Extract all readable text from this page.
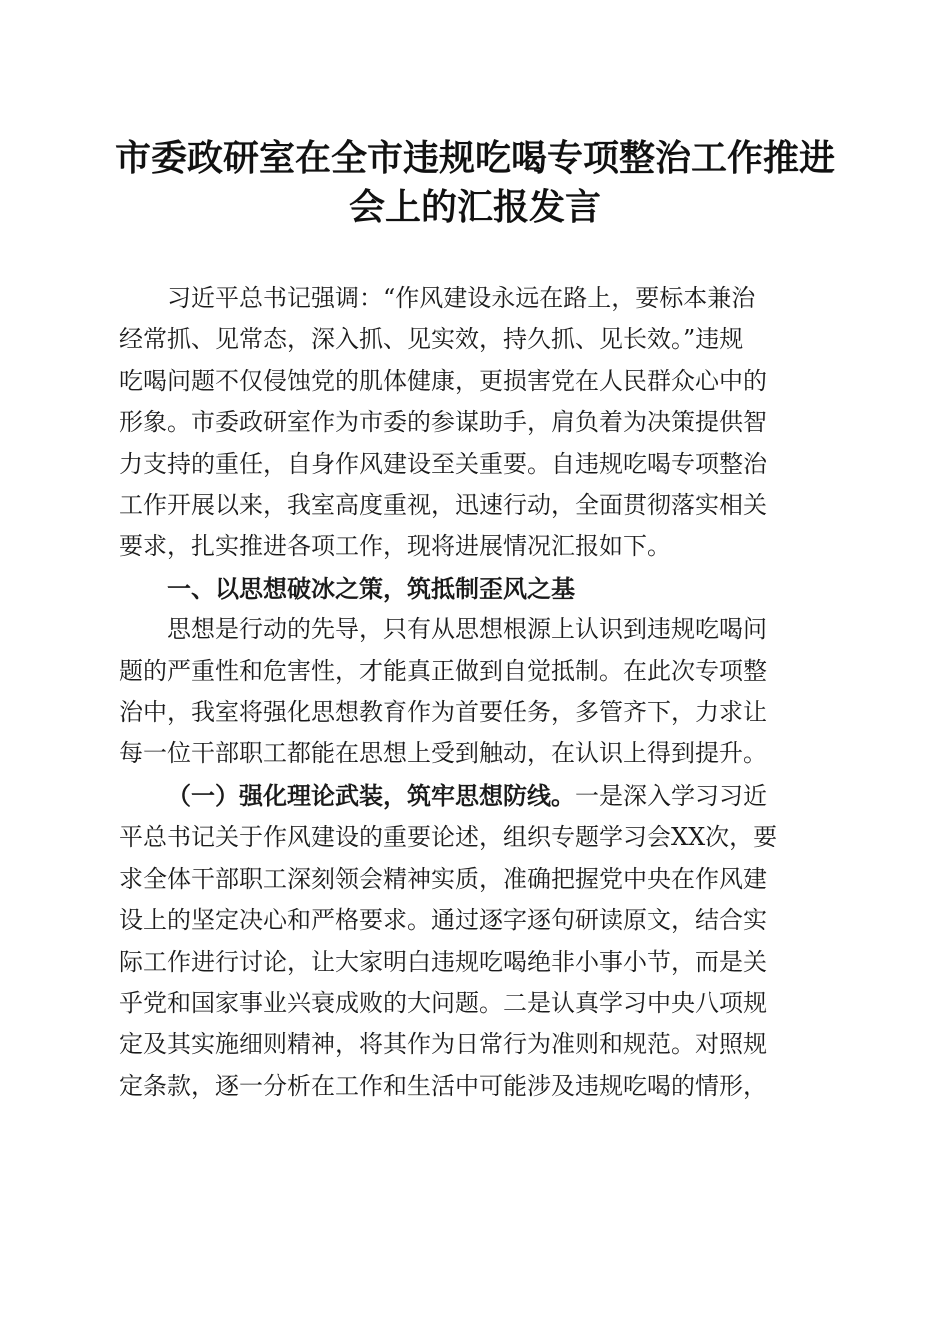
市委政研室在全市违规吃喝专项整治工作推进
会上的汇报发言

习近平总书记强调：“作风建设永远在路上，要标本兼治
经常抓、见常态，深入抓、见实效，持久抓、见长效。”违规
吃喝问题不仅侵蚀党的肌体健康，更损害党在人民群众心中的
形象。市委政研室作为市委的参谋助手，肩负着为决策提供智
力支持的重任，自身作风建设至关重要。自违规吃喝专项整治
工作开展以来，我室高度重视，迅速行动，全面贯彻落实相关
要求，扎实推进各项工作，现将进展情况汇报如下。

一、以思想破冰之策，筑抵制歪风之基

思想是行动的先导，只有从思想根源上认识到违规吃喝问
题的严重性和危害性，才能真正做到自觉抵制。在此次专项整
治中，我室将强化思想教育作为首要任务，多管齐下，力求让
每一位干部职工都能在思想上受到触动，在认识上得到提升。

（一）强化理论武装，筑牢思想防线。一是深入学习习近
平总书记关于作风建设的重要论述，组织专题学习会XX次，要
求全体干部职工深刻领会精神实质，准确把握党中央在作风建
设上的坚定决心和严格要求。通过逐字逐句研读原文，结合实
际工作进行讨论，让大家明白违规吃喝绝非小事小节，而是关
乎党和国家事业兴衰成败的大问题。二是认真学习中央八项规
定及其实施细则精神，将其作为日常行为准则和规范。对照规
定条款，逐一分析在工作和生活中可能涉及违规吃喝的情形，
